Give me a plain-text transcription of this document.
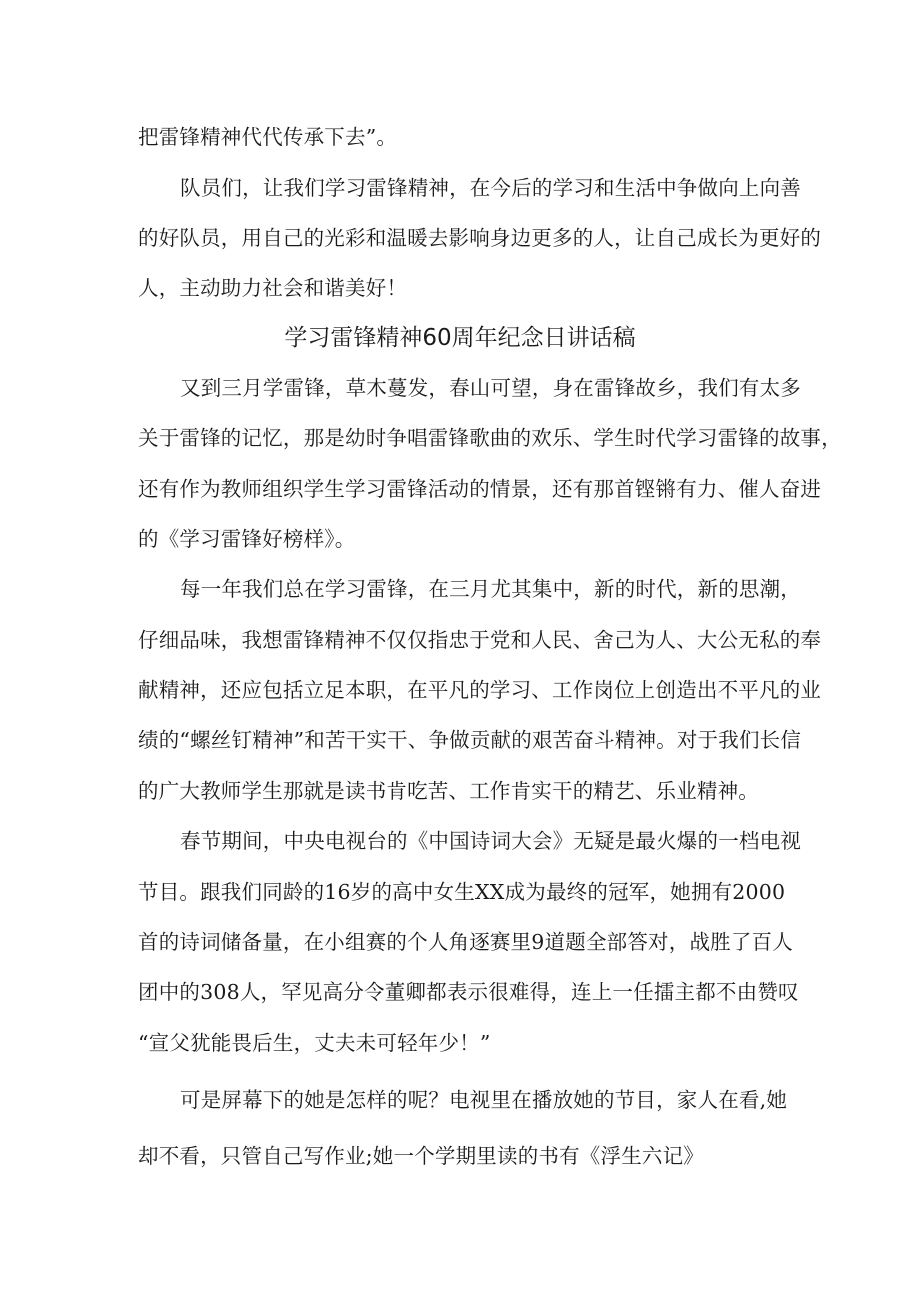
把雷锋精神代代传承下去”。
队员们，让我们学习雷锋精神，在今后的学习和生活中争做向上向善
的好队员，用自己的光彩和温暖去影响身边更多的人，让自己成长为更好的
人，主动助力社会和谐美好！
学习雷锋精神60周年纪念日讲话稿
又到三月学雷锋，草木蔓发，春山可望，身在雷锋故乡，我们有太多
关于雷锋的记忆，那是幼时争唱雷锋歌曲的欢乐、学生时代学习雷锋的故事，
还有作为教师组织学生学习雷锋活动的情景，还有那首铿锵有力、催人奋进
的《学习雷锋好榜样》。
每一年我们总在学习雷锋，在三月尤其集中，新的时代，新的思潮，
仔细品味，我想雷锋精神不仅仅指忠于党和人民、舍己为人、大公无私的奉
献精神，还应包括立足本职，在平凡的学习、工作岗位上创造出不平凡的业
绩的“螺丝钉精神”和苦干实干、争做贡献的艰苦奋斗精神。对于我们长信
的广大教师学生那就是读书肯吃苦、工作肯实干的精艺、乐业精神。
春节期间，中央电视台的《中国诗词大会》无疑是最火爆的一档电视
节目。跟我们同龄的16岁的高中女生XX成为最终的冠军，她拥有2000
首的诗词储备量，在小组赛的个人角逐赛里9道题全部答对，战胜了百人
团中的308人，罕见高分令董卿都表示很难得，连上一任擂主都不由赞叹
“宣父犹能畏后生，丈夫未可轻年少！”
可是屏幕下的她是怎样的呢？电视里在播放她的节目，家人在看,她
却不看，只管自己写作业;她一个学期里读的书有《浮生六记》
